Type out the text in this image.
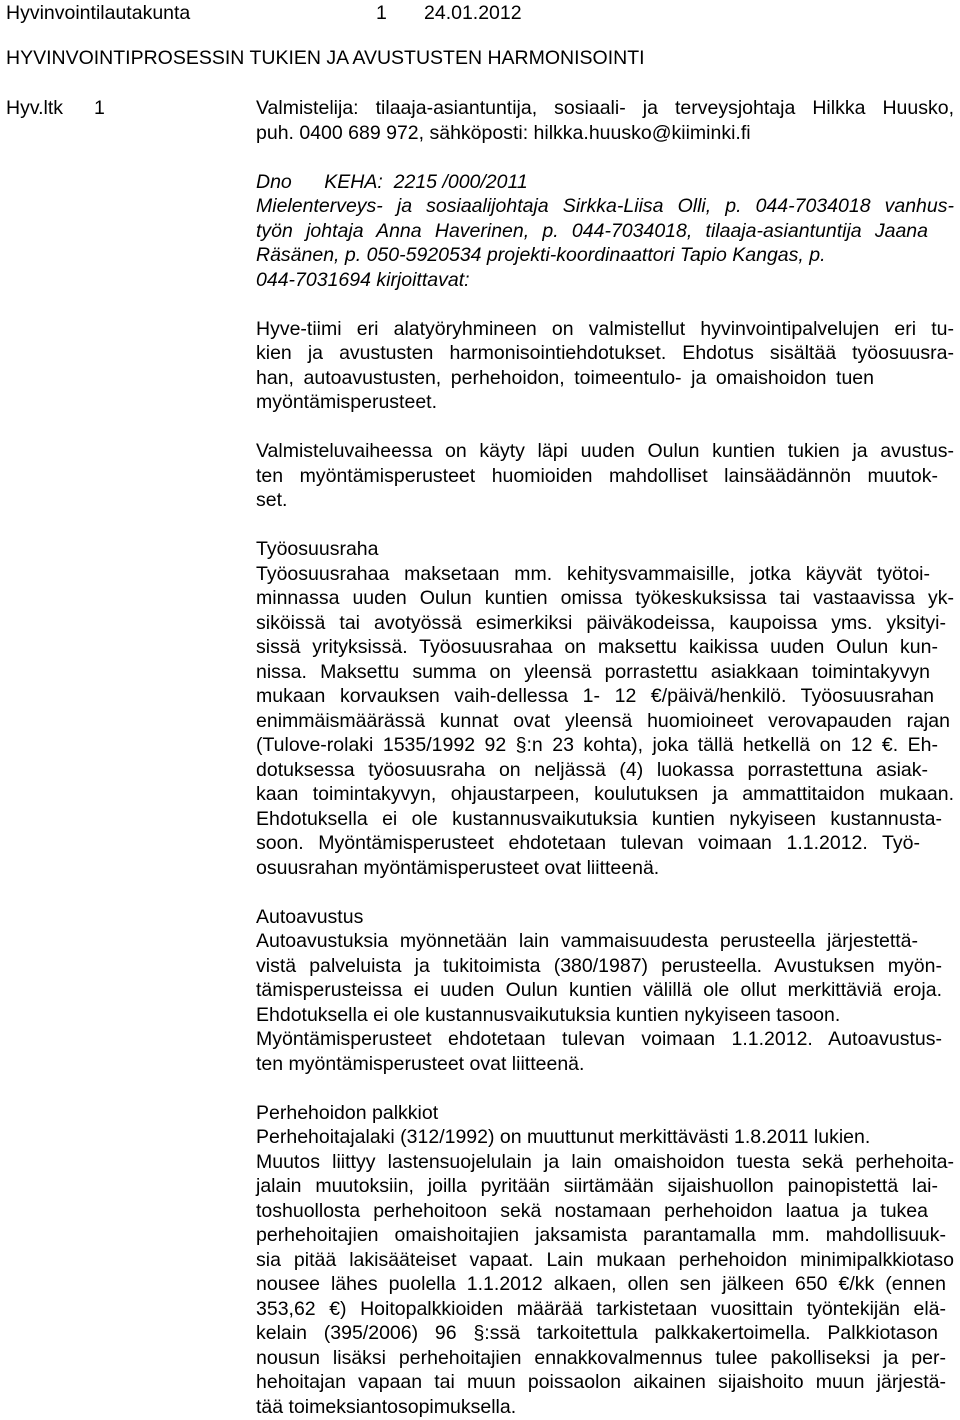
Hyvinvointilautakunta	1 24.01.2012
HYVINVOINTIPROSESSIN TUKIEN JA AVUSTUSTEN HARMONISOINTI
Hyv.ltk 1	Valmistelija: tilaaja-asiantuntija, sosiaali- ja terveysjohtaja Hilkka Huusko,
puh. 0400 689 972, sähköposti: hilkka.huusko@kiiminki.fi
Dno      KEHA:  2215 /000/2011
Mielenterveys- ja sosiaalijohtaja Sirkka-Liisa Olli, p. 044-7034018 vanhus-
työn johtaja Anna Haverinen, p. 044-7034018, tilaaja-asiantuntija Jaana
Räsänen, p. 050-5920534 projekti-koordinaattori Tapio Kangas, p.
044-7031694 kirjoittavat:
Hyve-tiimi eri alatyöryhmineen on valmistellut hyvinvointipalvelujen eri tu-
kien ja avustusten harmonisointiehdotukset. Ehdotus sisältää työosuusra-
han, autoavustusten, perhehoidon, toimeentulo- ja omaishoidon tuen
myöntämisperusteet.
Valmisteluvaiheessa on käyty läpi uuden Oulun kuntien tukien ja avustus-
ten myöntämisperusteet huomioiden mahdolliset lainsäädännön muutok-
set.
Työosuusraha
Työosuusrahaa maksetaan mm. kehitysvammaisille, jotka käyvät työtoi-
minnassa uuden Oulun kuntien omissa työkeskuksissa tai vastaavissa yk-
siköissä tai avotyössä esimerkiksi päiväkodeissa, kaupoissa yms. yksityi-
sissä yrityksissä. Työosuusrahaa on maksettu kaikissa uuden Oulun kun-
nissa. Maksettu summa on yleensä porrastettu asiakkaan toimintakyvyn
mukaan korvauksen vaih-dellessa 1- 12 €/päivä/henkilö. Työosuusrahan
enimmäismäärässä kunnat ovat yleensä huomioineet verovapauden rajan
(Tulove-rolaki 1535/1992 92 §:n 23 kohta), joka tällä hetkellä on 12 €. Eh-
dotuksessa työosuusraha on neljässä (4) luokassa porrastettuna asiak-
kaan toimintakyvyn, ohjaustarpeen, koulutuksen ja ammattitaidon mukaan.
Ehdotuksella ei ole kustannusvaikutuksia kuntien nykyiseen kustannusta-
soon. Myöntämisperusteet ehdotetaan tulevan voimaan 1.1.2012. Työ-
osuusrahan myöntämisperusteet ovat liitteenä.
Autoavustus
Autoavustuksia myönnetään lain vammaisuudesta perusteella järjestettä-
vistä palveluista ja tukitoimista (380/1987) perusteella. Avustuksen myön-
tämisperusteissa ei uuden Oulun kuntien välillä ole ollut merkittäviä eroja.
Ehdotuksella ei ole kustannusvaikutuksia kuntien nykyiseen tasoon.
Myöntämisperusteet ehdotetaan tulevan voimaan 1.1.2012. Autoavustus-
ten myöntämisperusteet ovat liitteenä.
Perhehoidon palkkiot
Perhehoitajalaki (312/1992) on muuttunut merkittävästi 1.8.2011 lukien.
Muutos liittyy lastensuojelulain ja lain omaishoidon tuesta sekä perhehoita-
jalain muutoksiin, joilla pyritään siirtämään sijaishuollon painopistettä lai-
toshuollosta perhehoitoon sekä nostamaan perhehoidon laatua ja tukea
perhehoitajien omaishoitajien jaksamista parantamalla mm. mahdollisuuk-
sia pitää lakisääteiset vapaat. Lain mukaan perhehoidon minimipalkkiotaso
nousee lähes puolella 1.1.2012 alkaen, ollen sen jälkeen 650 €/kk (ennen
353,62 €) Hoitopalkkioiden määrää tarkistetaan vuosittain työntekijän elä-
kelain (395/2006) 96 §:ssä tarkoitettula palkkakertoimella. Palkkiotason
nousun lisäksi perhehoitajien ennakkovalmennus tulee pakolliseksi ja per-
hehoitajan vapaan tai muun poissaolon aikainen sijaishoito muun järjestä-
tää toimeksiantosopimuksella.
